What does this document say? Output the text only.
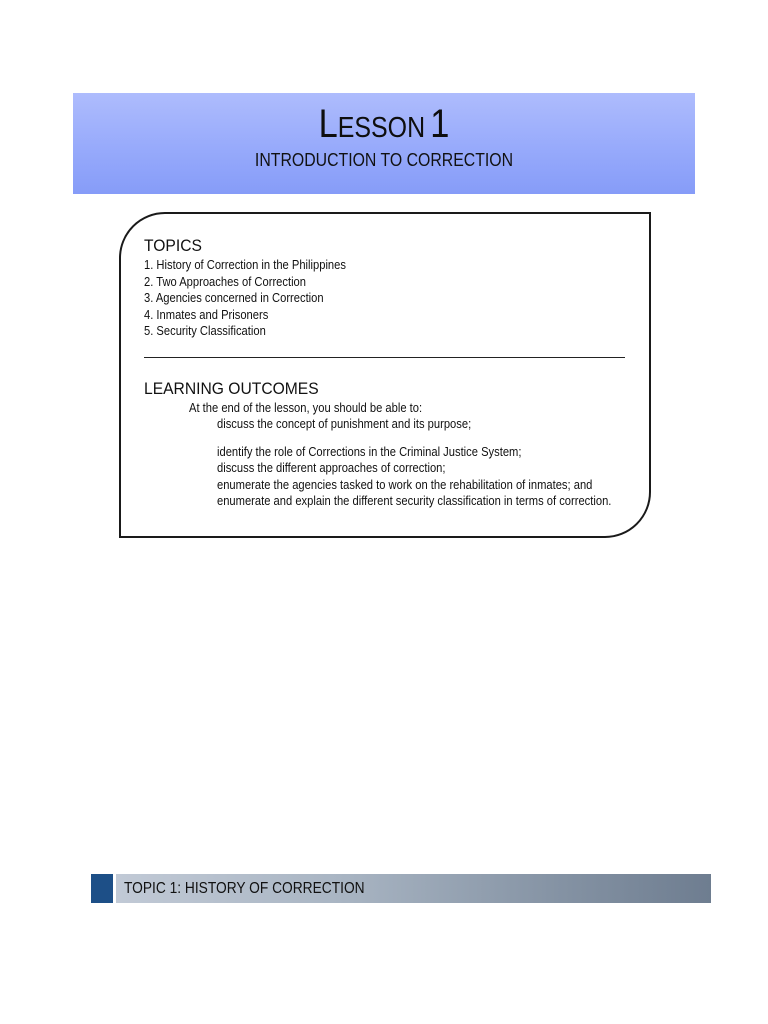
LESSON 1
INTRODUCTION TO CORRECTION
TOPICS
1. History of Correction in the Philippines
2. Two Approaches of Correction
3. Agencies concerned in Correction
4. Inmates and Prisoners
5. Security Classification
LEARNING OUTCOMES
At the end of the lesson, you should be able to:
discuss the concept of punishment and its purpose;
identify the role of Corrections in the Criminal Justice System;
discuss the different approaches of correction;
enumerate the agencies tasked to work on the rehabilitation of inmates; and
enumerate and explain the different security classification in terms of correction.
TOPIC 1: HISTORY OF CORRECTION
